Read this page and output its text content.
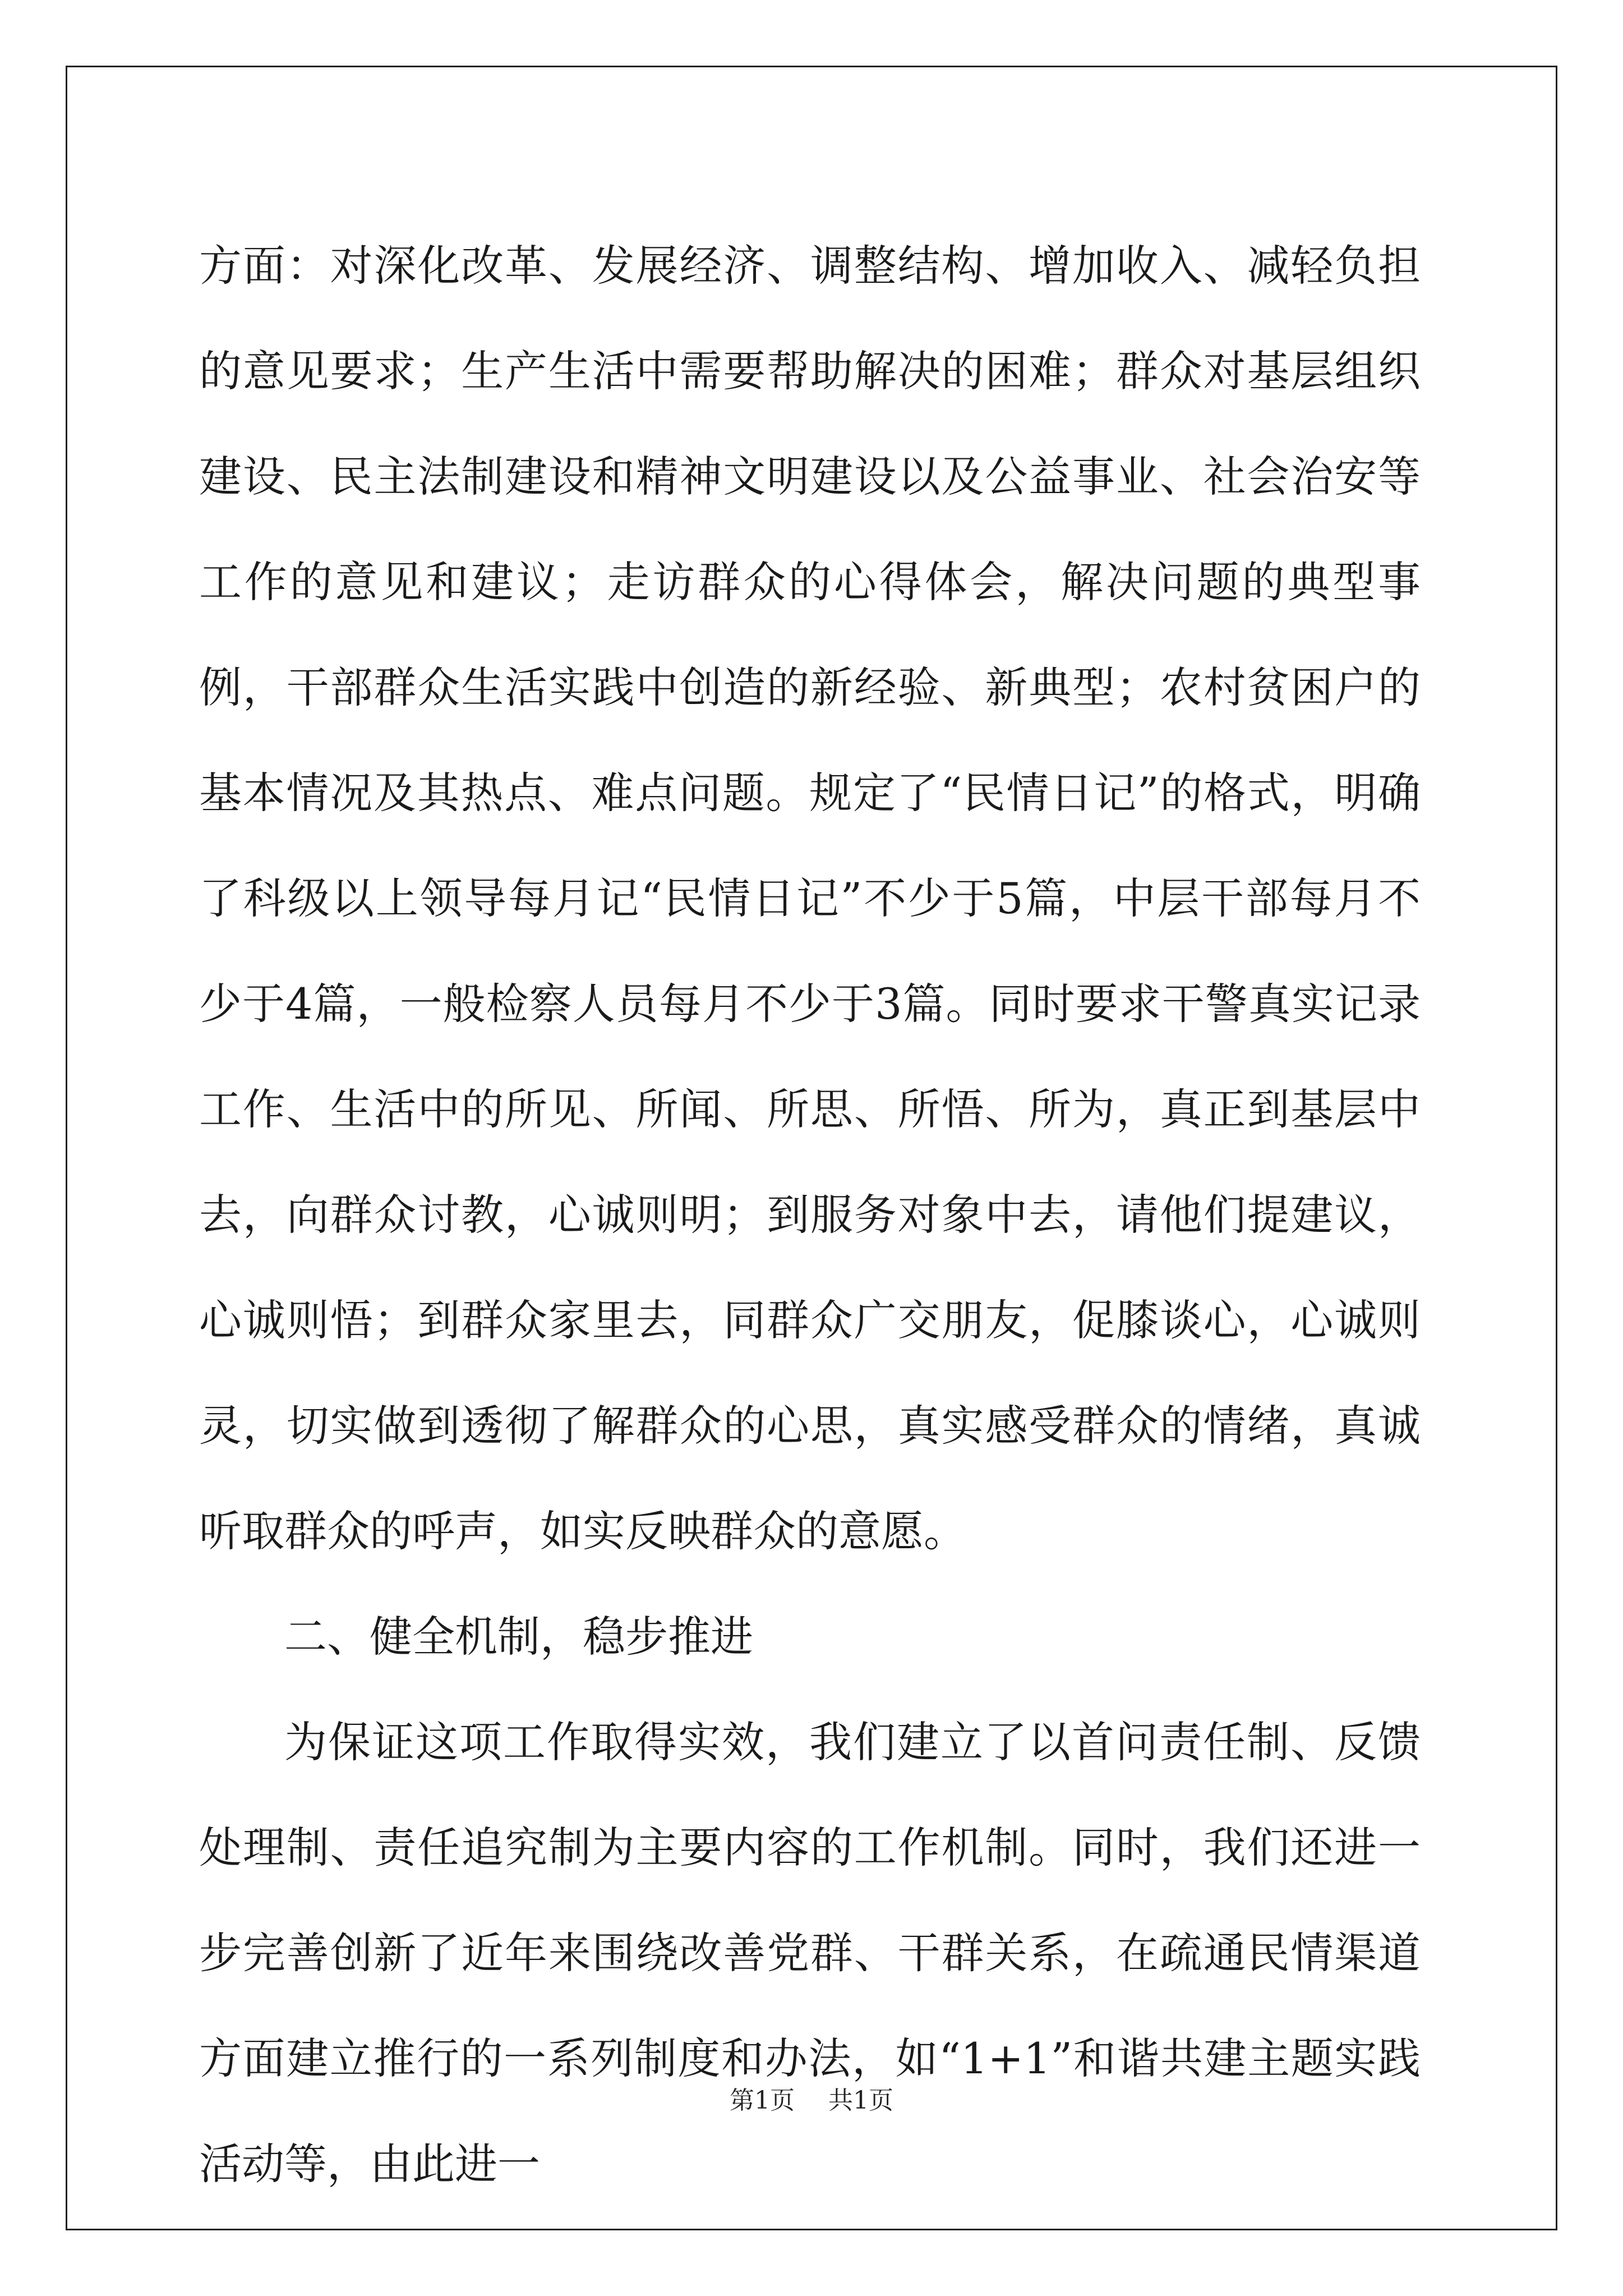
方面：对深化改革、发展经济、调整结构、增加收入、减轻负担的意见要求；生产生活中需要帮助解决的困难；群众对基层组织建设、民主法制建设和精神文明建设以及公益事业、社会治安等工作的意见和建议；走访群众的心得体会，解决问题的典型事例，干部群众生活实践中创造的新经验、新典型；农村贫困户的基本情况及其热点、难点问题。规定了“民情日记”的格式，明确了科级以上领导每月记“民情日记”不少于5篇，中层干部每月不少于4篇，一般检察人员每月不少于3篇。同时要求干警真实记录工作、生活中的所见、所闻、所思、所悟、所为，真正到基层中去，向群众讨教，心诚则明；到服务对象中去，请他们提建议，心诚则悟；到群众家里去，同群众广交朋友，促膝谈心，心诚则灵，切实做到透彻了解群众的心思，真实感受群众的情绪，真诚听取群众的呼声，如实反映群众的意愿。

二、健全机制，稳步推进

为保证这项工作取得实效，我们建立了以首问责任制、反馈处理制、责任追究制为主要内容的工作机制。同时，我们还进一步完善创新了近年来围绕改善党群、干群关系，在疏通民情渠道方面建立推行的一系列制度和办法，如“1+1”和谐共建主题实践活动等，由此进一

第1页 共1页
